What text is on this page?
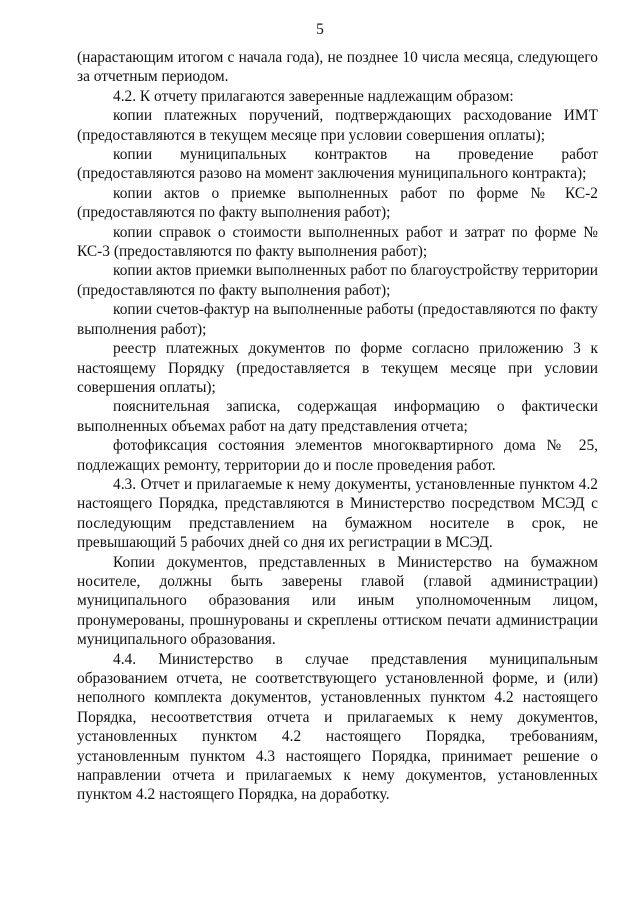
5

(нарастающим итогом с начала года), не позднее 10 числа месяца, следующего за отчетным периодом.

4.2. К отчету прилагаются заверенные надлежащим образом:

копии платежных поручений, подтверждающих расходование ИМТ (предоставляются в текущем месяце при условии совершения оплаты);

копии муниципальных контрактов на проведение работ (предоставляются разово на момент заключения муниципального контракта);

копии актов о приемке выполненных работ по форме № КС-2 (предоставляются по факту выполнения работ);

копии справок о стоимости выполненных работ и затрат по форме № КС-3 (предоставляются по факту выполнения работ);

копии актов приемки выполненных работ по благоустройству территории (предоставляются по факту выполнения работ);

копии счетов-фактур на выполненные работы (предоставляются по факту выполнения работ);

реестр платежных документов по форме согласно приложению 3 к настоящему Порядку (предоставляется в текущем месяце при условии совершения оплаты);

пояснительная записка, содержащая информацию о фактически выполненных объемах работ на дату представления отчета;

фотофиксация состояния элементов многоквартирного дома № 25, подлежащих ремонту, территории до и после проведения работ.

4.3. Отчет и прилагаемые к нему документы, установленные пунктом 4.2 настоящего Порядка, представляются в Министерство посредством МСЭД с последующим представлением на бумажном носителе в срок, не превышающий 5 рабочих дней со дня их регистрации в МСЭД.

Копии документов, представленных в Министерство на бумажном носителе, должны быть заверены главой (главой администрации) муниципального образования или иным уполномоченным лицом, пронумерованы, прошнурованы и скреплены оттиском печати администрации муниципального образования.

4.4. Министерство в случае представления муниципальным образованием отчета, не соответствующего установленной форме, и (или) неполного комплекта документов, установленных пунктом 4.2 настоящего Порядка, несоответствия отчета и прилагаемых к нему документов, установленных пунктом 4.2 настоящего Порядка, требованиям, установленным пунктом 4.3 настоящего Порядка, принимает решение о направлении отчета и прилагаемых к нему документов, установленных пунктом 4.2 настоящего Порядка, на доработку.
